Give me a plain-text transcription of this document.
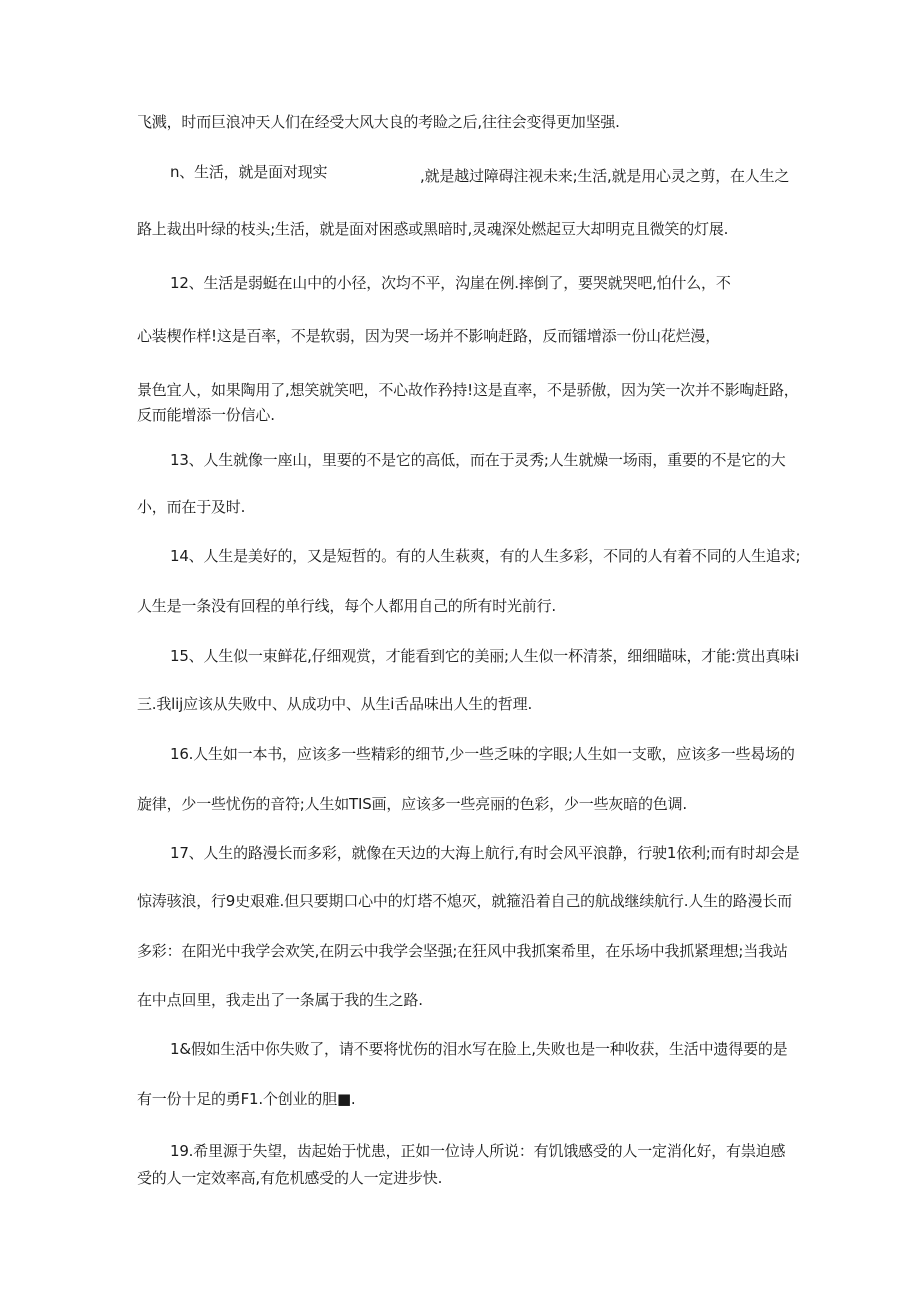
飞溅，时而巨浪冲天人们在经受大风大良的考睑之后,往往会变得更加坚强.
n、生活，就是面对现实	,就是越过障碍注视未来;生活,就是用心灵之剪，在人生之
路上裁出叶绿的枝头;生活，就是面对困惑或黑暗时,灵魂深处燃起豆大却明克且微笑的灯展.
12、生活是弱蜓在山中的小径，次均不平，沟崖在例.摔倒了，要哭就哭吧,怕什么，不
心装楔作样!这是百率，不是软弱，因为哭一场并不影响赶路，反而镭增添一份山花烂漫，
景色宜人，如果陶用了,想笑就笑吧，不心故作矜持!这是直率，不是骄傲，因为笑一次并不影啕赶路，
反而能增添一份信心.
13、人生就像一座山，里要的不是它的高低，而在于灵秀;人生就燥一场雨，重要的不是它的大
小，而在于及时.
14、人生是美好的，又是短哲的。有的人生萩爽，有的人生多彩，不同的人有着不同的人生追求;
人生是一条没有回程的单行线，每个人都用自己的所有时光前行.
15、人生似一束鲜花,仔细观赏，才能看到它的美丽;人生似一杯清茶，细细瞄味，才能:赏出真味i
三.我lij应该从失败中、从成功中、从生i舌品味出人生的哲理.
16.人生如一本书，应该多一些精彩的细节,少一些乏味的字眼;人生如一支歌，应该多一些曷场的
旋律，少一些忧伤的音符;人生如TIS画，应该多一些亮丽的色彩，少一些灰暗的色调.
17、人生的路漫长而多彩，就像在天边的大海上航行,有时会风平浪静，行驶1依利;而有时却会是
惊涛骇浪，行9史艰难.但只要期口心中的灯塔不熄灭，就箍沿着自己的航战继续航行.人生的路漫长而
多彩：在阳光中我学会欢笑,在阴云中我学会坚强;在狂风中我抓案希里，在乐场中我抓紧理想;当我站
在中点回里，我走出了一条属于我的生之路.
1&假如生活中你失败了，请不要将忧伤的泪水写在脸上,失败也是一种收获，生活中遗得要的是
有一份十足的勇F1.个创业的胆■.
19.希里源于失望，齿起始于忧患，正如一位诗人所说：有饥饿感受的人一定消化好，有祟迫感
受的人一定效率高,有危机感受的人一定进步快.
